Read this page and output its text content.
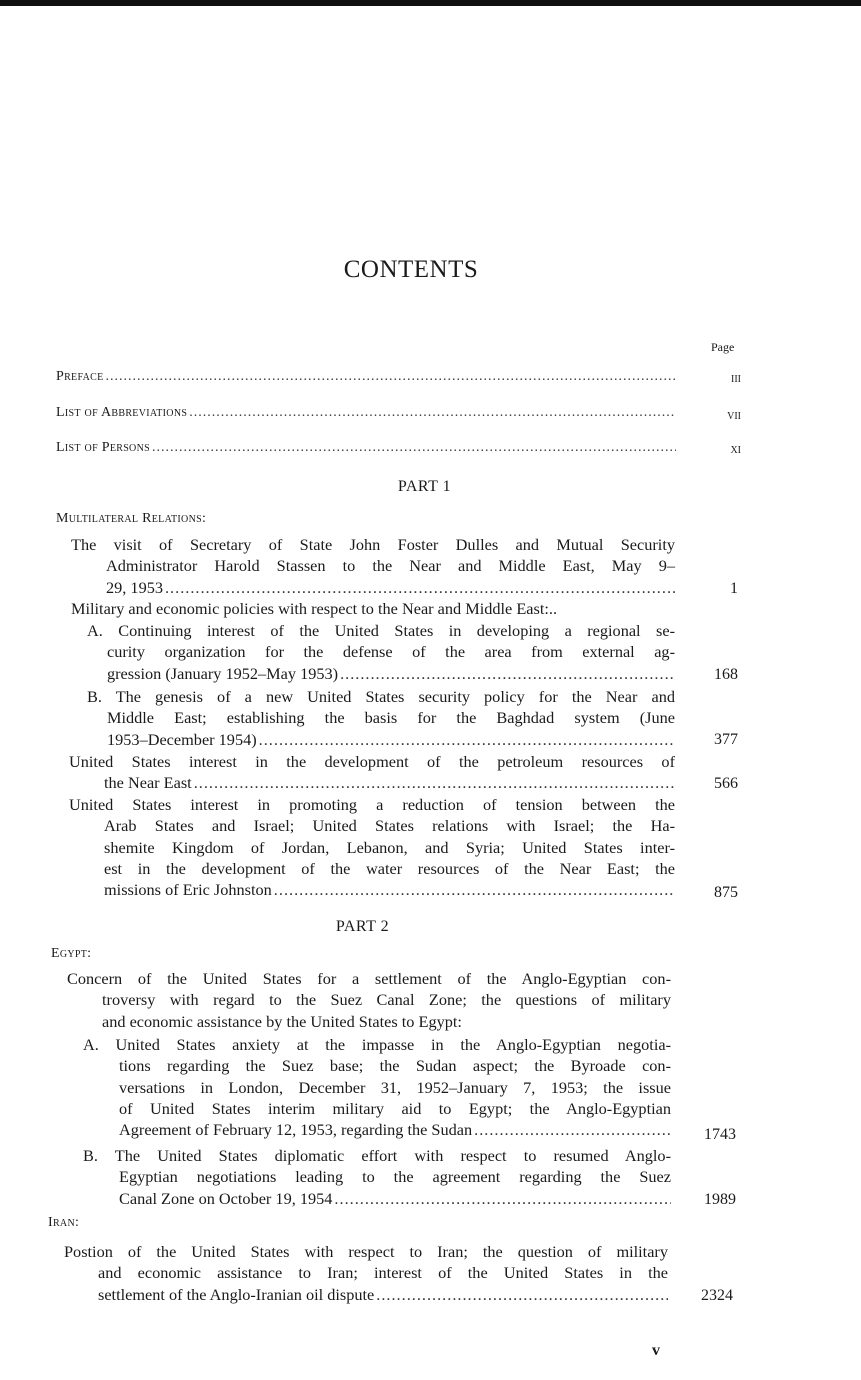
CONTENTS
Page
Preface .....	iii
List of Abbreviations .....	vii
List of Persons .....	xi
PART 1
Multilateral Relations:
The visit of Secretary of State John Foster Dulles and Mutual Security
Administrator Harold Stassen to the Near and Middle East, May 9–
29, 1953 .....	1
Military and economic policies with respect to the Near and Middle East:..
A. Continuing interest of the United States in developing a regional se-
curity organization for the defense of the area from external ag-
gression (January 1952–May 1953) .....	168
B. The genesis of a new United States security policy for the Near and
Middle East; establishing the basis for the Baghdad system (June
1953–December 1954) .....	377
United States interest in the development of the petroleum resources of
the Near East .....	566
United States interest in promoting a reduction of tension between the
Arab States and Israel; United States relations with Israel; the Ha-
shemite Kingdom of Jordan, Lebanon, and Syria; United States inter-
est in the development of the water resources of the Near East; the
missions of Eric Johnston .....	875
PART 2
Egypt:
Concern of the United States for a settlement of the Anglo-Egyptian con-
troversy with regard to the Suez Canal Zone; the questions of military
and economic assistance by the United States to Egypt:
A. United States anxiety at the impasse in the Anglo-Egyptian negotia-
tions regarding the Suez base; the Sudan aspect; the Byroade con-
versations in London, December 31, 1952–January 7, 1953; the issue
of United States interim military aid to Egypt; the Anglo-Egyptian
Agreement of February 12, 1953, regarding the Sudan .....	1743
B. The United States diplomatic effort with respect to resumed Anglo-
Egyptian negotiations leading to the agreement regarding the Suez
Canal Zone on October 19, 1954 .....	1989
Iran:
Postion of the United States with respect to Iran; the question of military
and economic assistance to Iran; interest of the United States in the
settlement of the Anglo-Iranian oil dispute .....	2324
v
